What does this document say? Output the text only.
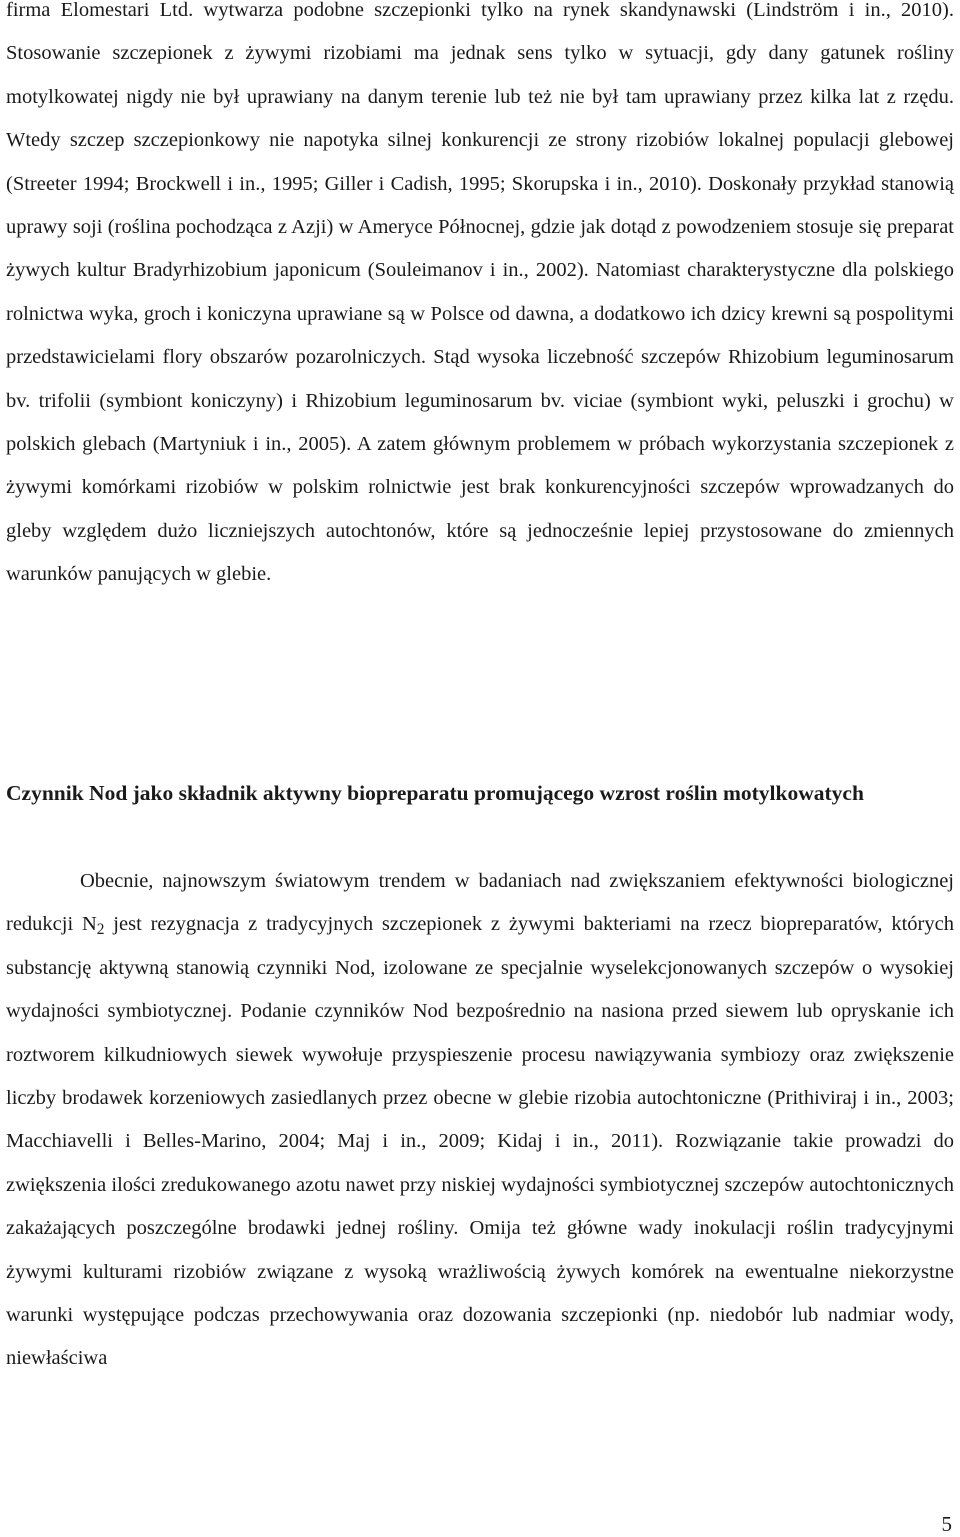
firma Elomestari Ltd. wytwarza podobne szczepionki tylko na rynek skandynawski (Lindström i in., 2010). Stosowanie szczepionek z żywymi rizobiami ma jednak sens tylko w sytuacji, gdy dany gatunek rośliny motylkowatej nigdy nie był uprawiany na danym terenie lub też nie był tam uprawiany przez kilka lat z rzędu. Wtedy szczep szczepionkowy nie napotyka silnej konkurencji ze strony rizobiów lokalnej populacji glebowej (Streeter 1994; Brockwell i in., 1995; Giller i Cadish, 1995; Skorupska i in., 2010). Doskonały przykład stanowią uprawy soji (roślina pochodząca z Azji) w Ameryce Północnej, gdzie jak dotąd z powodzeniem stosuje się preparat żywych kultur Bradyrhizobium japonicum (Souleimanov i in., 2002). Natomiast charakterystyczne dla polskiego rolnictwa wyka, groch i koniczyna uprawiane są w Polsce od dawna, a dodatkowo ich dzicy krewni są pospolitymi przedstawicielami flory obszarów pozarolniczych. Stąd wysoka liczebność szczepów Rhizobium leguminosarum bv. trifolii (symbiont koniczyny) i Rhizobium leguminosarum bv. viciae (symbiont wyki, peluszki i grochu) w polskich glebach (Martyniuk i in., 2005). A zatem głównym problemem w próbach wykorzystania szczepionek z żywymi komórkami rizobiów w polskim rolnictwie jest brak konkurencyjności szczepów wprowadzanych do gleby względem dużo liczniejszych autochtonów, które są jednocześnie lepiej przystosowane do zmiennych warunków panujących w glebie.

Czynnik Nod jako składnik aktywny biopreparatu promującego wzrost roślin motylkowatych

Obecnie, najnowszym światowym trendem w badaniach nad zwiększaniem efektywności biologicznej redukcji $N_2$ jest rezygnacja z tradycyjnych szczepionek z żywymi bakteriami na rzecz biopreparatów, których substancję aktywną stanowią czynniki Nod, izolowane ze specjalnie wyselekcjonowanych szczepów o wysokiej wydajności symbiotycznej. Podanie czynników Nod bezpośrednio na nasiona przed siewem lub opryskanie ich roztworem kilkudniowych siewek wywołuje przyspieszenie procesu nawiązywania symbiozy oraz zwiększenie liczby brodawek korzeniowych zasiedlanych przez obecne w glebie rizobia autochtoniczne (Prithiviraj i in., 2003; Macchiavelli i Belles-Marino, 2004; Maj i in., 2009; Kidaj i in., 2011). Rozwiązanie takie prowadzi do zwiększenia ilości zredukowanego azotu nawet przy niskiej wydajności symbiotycznej szczepów autochtonicznych zakażających poszczególne brodawki jednej rośliny. Omija też główne wady inokulacji roślin tradycyjnymi żywymi kulturami rizobiów związane z wysoką wrażliwością żywych komórek na ewentualne niekorzystne warunki występujące podczas przechowywania oraz dozowania szczepionki (np. niedobór lub nadmiar wody, niewłaściwa

5
